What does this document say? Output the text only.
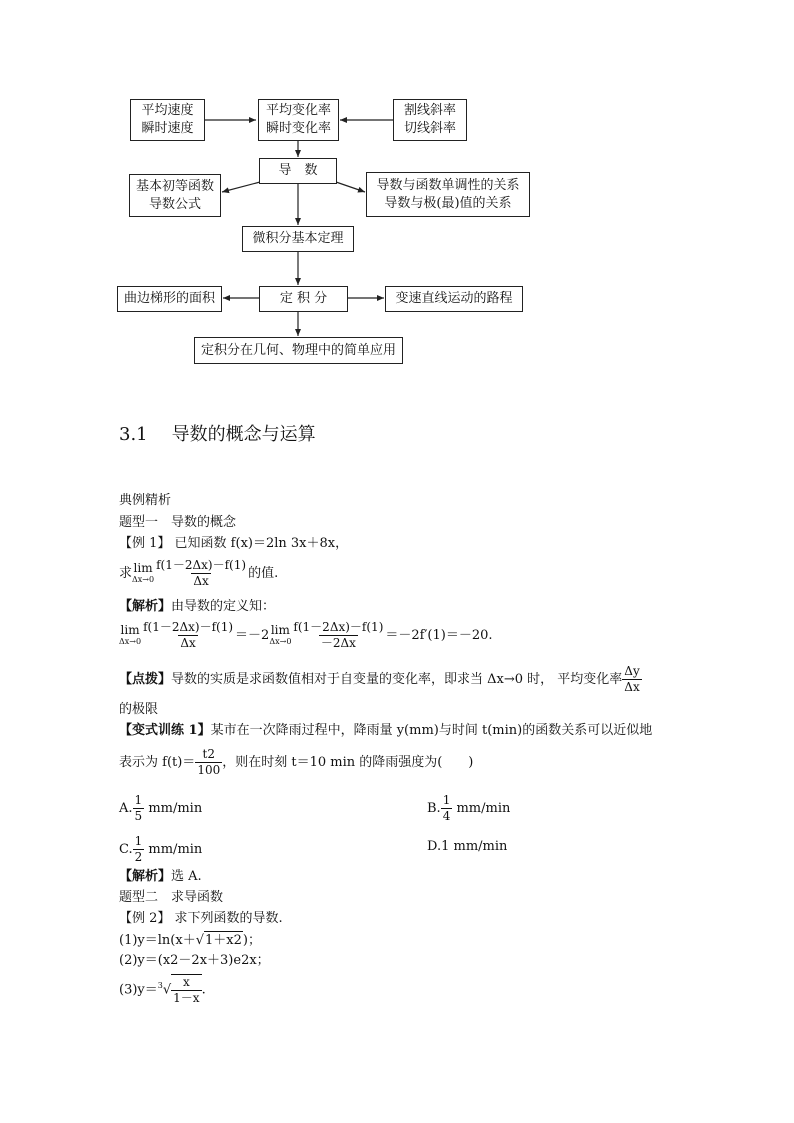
平均速度
瞬时速度
平均变化率
瞬时变化率
割线斜率
切线斜率
导　数
基本初等函数
导数公式
导数与函数单调性的关系
导数与极(最)值的关系
微积分基本定理
定 积 分
曲边梯形的面积	变速直线运动的路程
定积分在几何、物理中的简单应用
3.1 导数的概念与运算
典例精析
题型一　导数的概念
【例 1】 已知函数 f(x)＝2ln 3x＋8x，
求 lim
$\Delta x\to 0 \frac{f(1-2\Delta x)-f(1)}{\Delta x}$ 的值.
【解析】由导数的定义知：
lim
$\Delta x\to 0 \frac{f(1-2\Delta x)-f(1)}{\Delta x} =-2$ lim
$\Delta x\to 0 \frac{f(1-2\Delta x)-f(1)}{-2\Delta x} =-2f'(1)=-20$.
【点拨】导数的实质是求函数值相对于自变量的变化率，即求当 Δx→0 时， 平均变化率 $\frac{\Delta y}{\Delta x}$
的极限
【变式训练 1】某市在一次降雨过程中，降雨量 y(mm)与时间 t(min)的函数关系可以近似地
表示为 $f(t)= \frac{t2}{100}$ ，则在时刻 t＝10 min 的降雨强度为(　　)
A. $\frac{1}{5} mm/\min$	B. $\frac{1}{4} mm/\min$
C. $\frac{1}{2} mm/\min$	D.1 mm/min
【解析】选 A.
题型二　求导函数
【例 2】 求下列函数的导数.
(1)y＝ln(x＋√1＋x2)；
(2)y＝(x2－2x＋3)e2x；
$(3)y=^3√ \frac{x}{1-x}$ .
